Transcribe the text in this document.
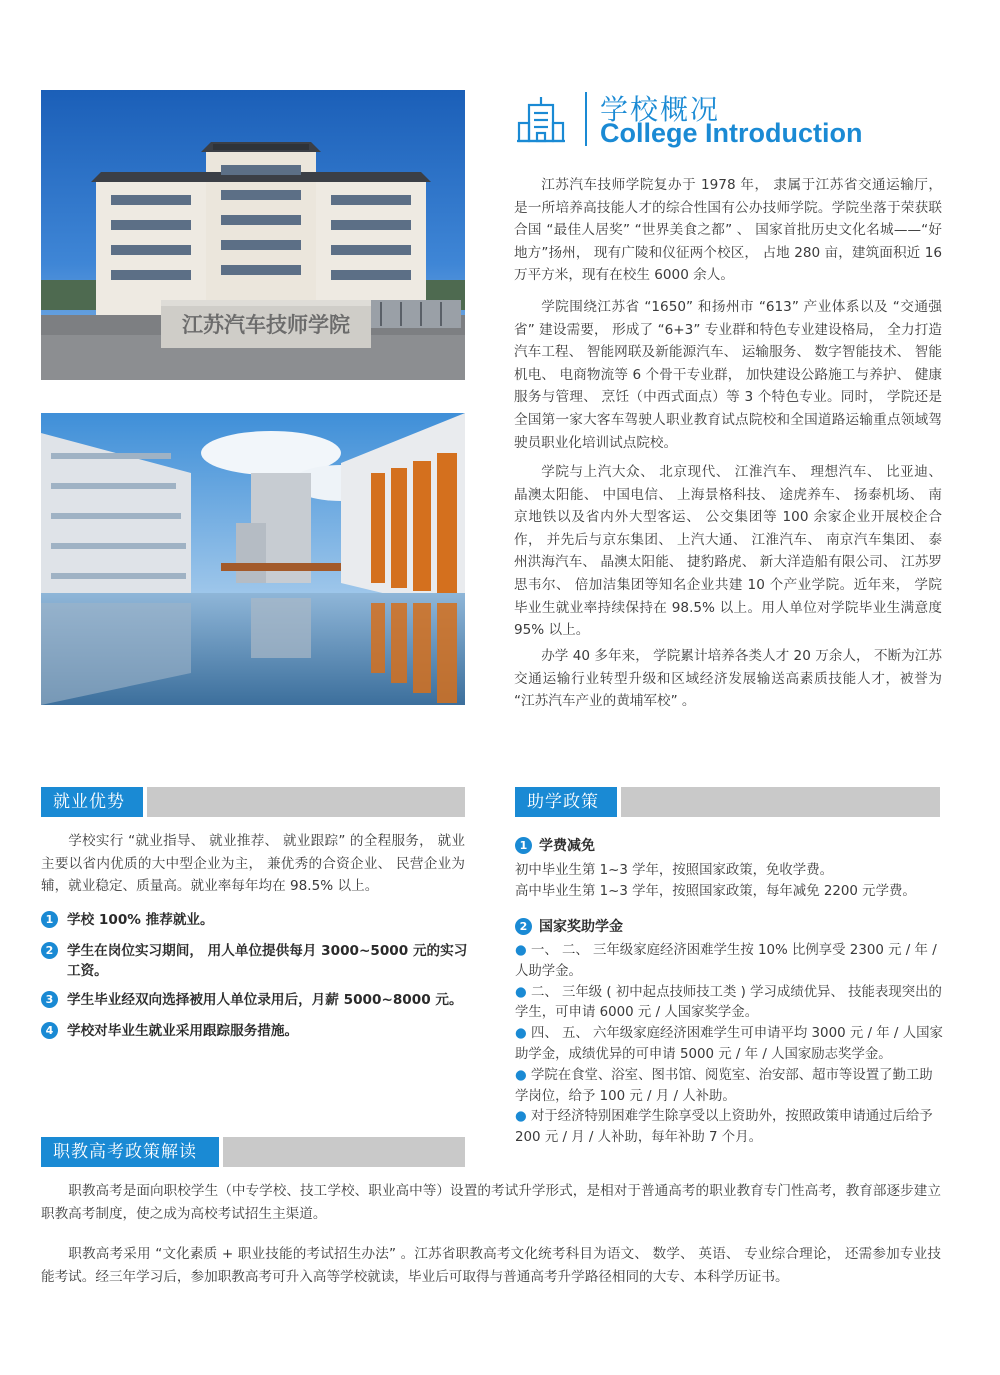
江苏汽车技师学院
学校概况
College Introduction

江苏汽车技师学院复办于 1978 年， 隶属于江苏省交通运输厅， 是一所培养高技能人才的综合性国有公办技师学院。学院坐落于荣获联合国 “最佳人居奖” “世界美食之都” 、 国家首批历史文化名城——“好地方”扬州， 现有广陵和仪征两个校区， 占地 280 亩，建筑面积近 16 万平方米，现有在校生 6000 余人。

学院围绕江苏省 “1650” 和扬州市 “613” 产业体系以及 “交通强省” 建设需要， 形成了 “6+3” 专业群和特色专业建设格局， 全力打造汽车工程、 智能网联及新能源汽车、 运输服务、 数字智能技术、 智能机电、 电商物流等 6 个骨干专业群， 加快建设公路施工与养护、 健康服务与管理、 烹饪（中西式面点）等 3 个特色专业。同时， 学院还是全国第一家大客车驾驶人职业教育试点院校和全国道路运输重点领域驾驶员职业化培训试点院校。

学院与上汽大众、 北京现代、 江淮汽车、 理想汽车、 比亚迪、 晶澳太阳能、 中国电信、 上海景格科技、 途虎养车、 扬泰机场、 南京地铁以及省内外大型客运、 公交集团等 100 余家企业开展校企合作， 并先后与京东集团、 上汽大通、 江淮汽车、 南京汽车集团、 泰州洪海汽车、 晶澳太阳能、 捷豹路虎、 新大洋造船有限公司、 江苏罗思韦尔、 倍加洁集团等知名企业共建 10 个产业学院。近年来， 学院毕业生就业率持续保持在 98.5% 以上。用人单位对学院毕业生满意度 95% 以上。

办学 40 多年来， 学院累计培养各类人才 20 万余人， 不断为江苏交通运输行业转型升级和区域经济发展输送高素质技能人才，被誉为 “江苏汽车产业的黄埔军校” 。

就业优势

学校实行 “就业指导、 就业推荐、 就业跟踪” 的全程服务， 就业主要以省内优质的大中型企业为主， 兼优秀的合资企业、 民营企业为辅，就业稳定、质量高。就业率每年均在 98.5% 以上。

1	学校 100% 推荐就业。
2	学生在岗位实习期间， 用人单位提供每月 3000~5000 元的实习工资。
3	学生毕业经双向选择被用人单位录用后，月薪 5000~8000 元。
4	学校对毕业生就业采用跟踪服务措施。
助学政策
1 学费减免
初中毕业生第 1~3 学年，按照国家政策，免收学费。
高中毕业生第 1~3 学年，按照国家政策，每年减免 2200 元学费。
2 国家奖助学金
● 一、 二、 三年级家庭经济困难学生按 10% 比例享受 2300 元 / 年 / 人助学金。
● 二、 三年级 ( 初中起点技师技工类 ) 学习成绩优异、 技能表现突出的学生，可申请 6000 元 / 人国家奖学金。
● 四、 五、 六年级家庭经济困难学生可申请平均 3000 元 / 年 / 人国家助学金，成绩优异的可申请 5000 元 / 年 / 人国家励志奖学金。
● 学院在食堂、浴室、图书馆、阅览室、治安部、超市等设置了勤工助学岗位，给予 100 元 / 月 / 人补助。
● 对于经济特别困难学生除享受以上资助外，按照政策申请通过后给予 200 元 / 月 / 人补助，每年补助 7 个月。
职教高考政策解读

职教高考是面向职校学生（中专学校、技工学校、职业高中等）设置的考试升学形式，是相对于普通高考的职业教育专门性高考，教育部逐步建立职教高考制度，使之成为高校考试招生主渠道。

职教高考采用 “文化素质 + 职业技能的考试招生办法” 。江苏省职教高考文化统考科目为语文、 数学、 英语、 专业综合理论， 还需参加专业技能考试。经三年学习后，参加职教高考可升入高等学校就读，毕业后可取得与普通高考升学路径相同的大专、本科学历证书。
